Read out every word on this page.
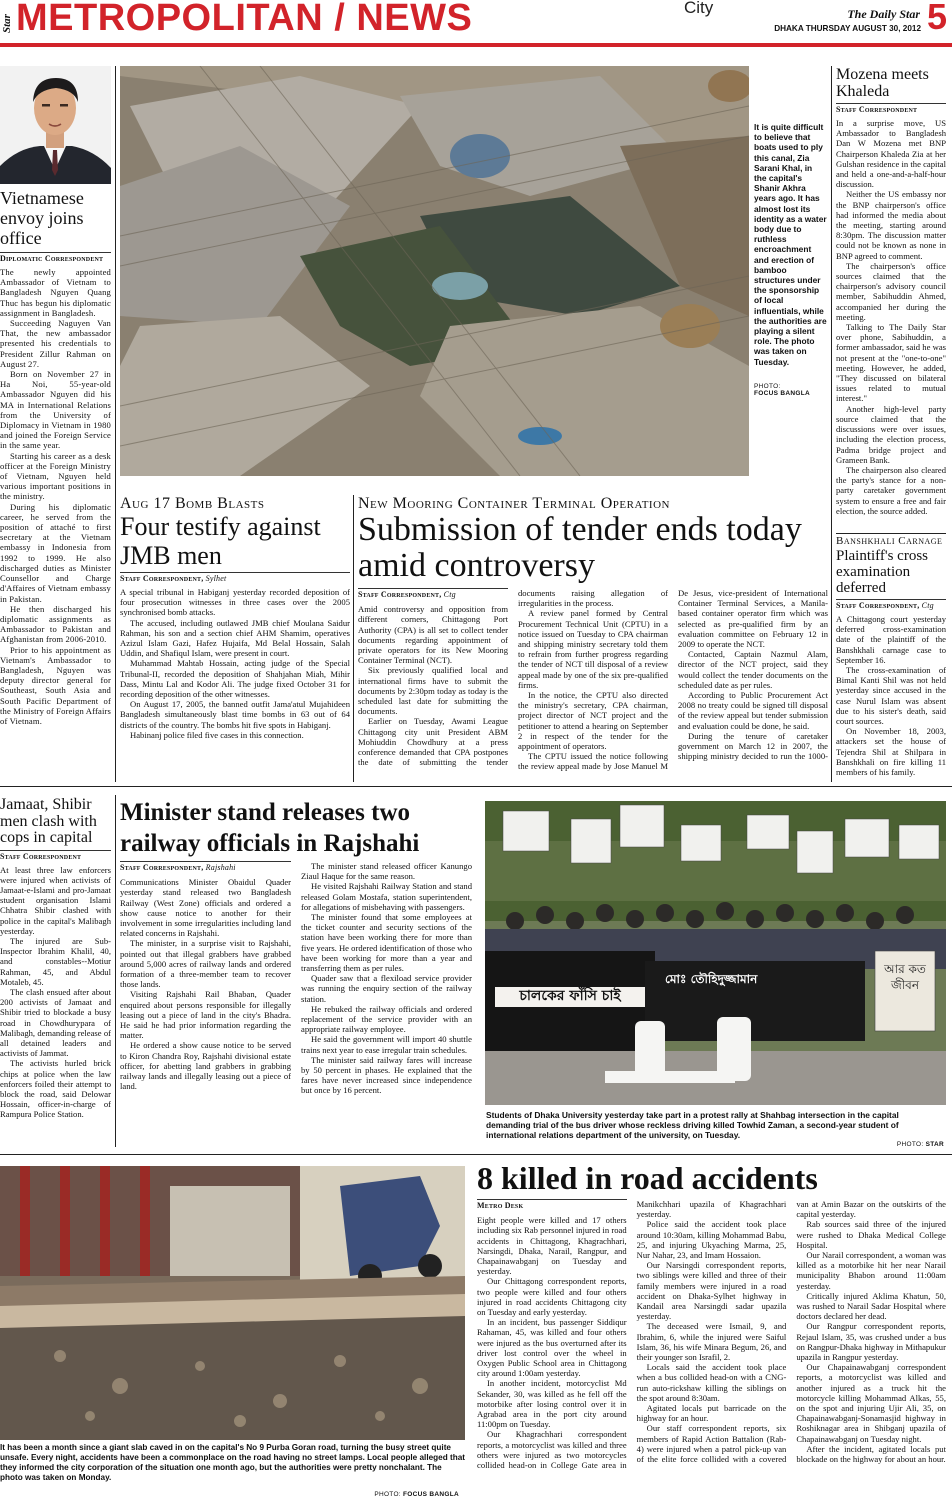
Star METROPOLITAN / NEWS	City	The Daily Star
DHAKA THURSDAY AUGUST 30, 2012 5
Vietnamese envoy joins office
Diplomatic Correspondent

The newly appointed Ambassador of Vietnam to Bangladesh Nguyen Quang Thuc has begun his diplomatic assignment in Bangladesh.

Succeeding Naguyen Van That, the new ambassador presented his credentials to President Zillur Rahman on August 27.

Born on November 27 in Ha Noi, 55-year-old Ambassador Nguyen did his MA in International Relations from the University of Diplomacy in Vietnam in 1980 and joined the Foreign Service in the same year.

Starting his career as a desk officer at the Foreign Ministry of Vietnam, Nguyen held various important positions in the ministry.

During his diplomatic career, he served from the position of attaché to first secretary at the Vietnam embassy in Indonesia from 1992 to 1999. He also discharged duties as Minister Counsellor and Charge d'Affaires of Vietnam embassy in Pakistan.

He then discharged his diplomatic assignments as Ambassador to Pakistan and Afghanistan from 2006-2010.

Prior to his appointment as Vietnam's Ambassador to Bangladesh, Nguyen was deputy director general for Southeast, South Asia and South Pacific Department of the Ministry of Foreign Affairs of Vietnam.

It is quite difficult to believe that boats used to ply this canal, Zia Sarani Khal, in the capital's Shanir Akhra years ago. It has almost lost its identity as a water body due to ruthless encroachment and erection of bamboo structures under the sponsorship of local influentials, while the authorities are playing a silent role. The photo was taken on Tuesday.
PHOTO:
FOCUS BANGLA
Mozena meets Khaleda
Staff Correspondent

In a surprise move, US Ambassador to Bangladesh Dan W Mozena met BNP Chairperson Khaleda Zia at her Gulshan residence in the capital and held a one-and-a-half-hour discussion.

Neither the US embassy nor the BNP chairperson's office had informed the media about the meeting, starting around 8:30pm. The discussion matter could not be known as none in BNP agreed to comment.

The chairperson's office sources claimed that the chairperson's advisory council member, Sabihuddin Ahmed, accompanied her during the meeting.

Talking to The Daily Star over phone, Sabihuddin, a former ambassador, said he was not present at the "one-to-one" meeting. However, he added, "They discussed on bilateral issues related to mutual interest."

Another high-level party source claimed that the discussions were over issues, including the election process, Padma bridge project and Grameen Bank.

The chairperson also cleared the party's stance for a non-party caretaker government system to ensure a free and fair election, the source added.

Banshkhali Carnage
Plaintiff's cross examination deferred
Staff Correspondent, Ctg

A Chittagong court yesterday deferred cross-examination date of the plaintiff of the Banshkhali carnage case to September 16.

The cross-examination of Bimal Kanti Shil was not held yesterday since accused in the case Nurul Islam was absent due to his sister's death, said court sources.

On November 18, 2003, attackers set the house of Tejendra Shil at Shilpara in Banshkhali on fire killing 11 members of his family.

Aug 17 Bomb Blasts
Four testify against JMB men
Staff Correspondent, Sylhet

A special tribunal in Habiganj yesterday recorded deposition of four prosecution witnesses in three cases over the 2005 synchronised bomb attacks.

The accused, including outlawed JMB chief Moulana Saidur Rahman, his son and a section chief AHM Shamim, operatives Azizul Islam Gazi, Hafez Hujaifa, Md Belal Hossain, Salah Uddin, and Shafiqul Islam, were present in court.

Muhammad Mahtab Hossain, acting judge of the Special Tribunal-II, recorded the deposition of Shahjahan Miah, Mihir Dass, Mintu Lal and Kodor Ali. The judge fixed October 31 for recording deposition of the other witnesses.

On August 17, 2005, the banned outfit Jama'atul Mujahideen Bangladesh simultaneously blast time bombs in 63 out of 64 districts of the country. The bombs hit five spots in Habiganj.

Habinanj police filed five cases in this connection.

New Mooring Container Terminal Operation
Submission of tender ends today amid controversy
Staff Correspondent, Ctg

Amid controversy and opposition from different corners, Chittagong Port Authority (CPA) is all set to collect tender documents regarding appointment of private operators for its New Mooring Container Terminal (NCT).

Six previously qualified local and international firms have to submit the documents by 2:30pm today as today is the scheduled last date for submitting the documents.

Earlier on Tuesday, Awami League Chittagong city unit President ABM Mohiuddin Chowdhury at a press conference demanded that CPA postpones the date of submitting the tender documents raising allegation of irregularities in the process.

A review panel formed by Central Procurement Technical Unit (CPTU) in a notice issued on Tuesday to CPA chairman and shipping ministry secretary told them to refrain from further progress regarding the tender of NCT till disposal of a review appeal made by one of the six pre-qualified firms.

In the notice, the CPTU also directed the ministry's secretary, CPA chairman, project director of NCT project and the petitioner to attend a hearing on September 2 in respect of the tender for the appointment of operators.

The CPTU issued the notice following the review appeal made by Jose Manuel M De Jesus, vice-president of International Container Terminal Services, a Manila-based container operator firm which was selected as pre-qualified firm by an evaluation committee on February 12 in 2009 to operate the NCT.

Contacted, Captain Nazmul Alam, director of the NCT project, said they would collect the tender documents on the scheduled date as per rules.

According to Public Procurement Act 2008 no treaty could be signed till disposal of the review appeal but tender submission and evaluation could be done, he said.

During the tenure of caretaker government on March 12 in 2007, the shipping ministry decided to run the 1000-

Jamaat, Shibir men clash with cops in capital
Staff Correspondent

At least three law enforcers were injured when activists of Jamaat-e-Islami and pro-Jamaat student organisation Islami Chhatra Shibir clashed with police in the capital's Malibagh yesterday.

The injured are Sub-Inspector Ibrahim Khalil, 40, and constables--Motiur Rahman, 45, and Abdul Motaleb, 45.

The clash ensued after about 200 activists of Jamaat and Shibir tried to blockade a busy road in Chowdhurypara of Malibagh, demanding release of all detained leaders and activists of Jammat.

The activists hurled brick chips at police when the law enforcers foiled their attempt to block the road, said Delowar Hossain, officer-in-charge of Rampura Police Station.

Minister stand releases two railway officials in Rajshahi
Staff Correspondent, Rajshahi

Communications Minister Obaidul Quader yesterday stand released two Bangladesh Railway (West Zone) officials and ordered a show cause notice to another for their involvement in some irregularities including land related concerns in Rajshahi.

The minister, in a surprise visit to Rajshahi, pointed out that illegal grabbers have grabbed around 5,000 acres of railway lands and ordered formation of a three-member team to recover those lands.

Visiting Rajshahi Rail Bhaban, Quader enquired about persons responsible for illegally leasing out a piece of land in the city's Bhadra. He said he had prior information regarding the matter.

He ordered a show cause notice to be served to Kiron Chandra Roy, Rajshahi divisional estate officer, for abetting land grabbers in grabbing railway lands and illegally leasing out a piece of land.

The minister stand released officer Kanungo Ziaul Haque for the same reason.

He visited Rajshahi Railway Station and stand released Golam Mostafa, station superintendent, for allegations of misbehaving with passengers.

The minister found that some employees at the ticket counter and security sections of the station have been working there for more than five years. He ordered identification of those who have been working for more than a year and transferring them as per rules.

Quader saw that a flexiload service provider was running the enquiry section of the railway station.

He rebuked the railway officials and ordered replacement of the service provider with an appropriate railway employee.

He said the government will import 40 shuttle trains next year to ease irregular train schedules.

The minister said railway fares will increase by 50 percent in phases. He explained that the fares have never increased since independence but once by 16 percent.

চালকের ফাঁসি চাই
মোঃ তৌহিদুজ্জামান
আর কত জীবন
Students of Dhaka University yesterday take part in a protest rally at Shahbag intersection in the capital demanding trial of the bus driver whose reckless driving killed Towhid Zaman, a second-year student of international relations department of the university, on Tuesday.
PHOTO: STAR
It has been a month since a giant slab caved in on the capital's No 9 Purba Goran road, turning the busy street quite unsafe. Every night, accidents have been a commonplace on the road having no street lamps. Local people alleged that they informed the city corporation of the situation one month ago, but the authorities were pretty nonchalant. The photo was taken on Monday.
PHOTO: FOCUS BANGLA
8 killed in road accidents
Metro Desk

Eight people were killed and 17 others including six Rab personnel injured in road accidents in Chittagong, Khagrachhari, Narsingdi, Dhaka, Narail, Rangpur, and Chapainawabganj on Tuesday and yesterday.

Our Chittagong correspondent reports, two people were killed and four others injured in road accidents Chittagong city on Tuesday and early yesterday.

In an incident, bus passenger Siddiqur Rahaman, 45, was killed and four others were injured as the bus overturned after its driver lost control over the wheel in Oxygen Public School area in Chittagong city around 1:00am yesterday.

In another incident, motorcyclist Md Sekander, 30, was killed as he fell off the motorbike after losing control over it in Agrabad area in the port city around 11:00pm on Tuesday.

Our Khagrachhari correspondent reports, a motorcyclist was killed and three others were injured as two motorcycles collided head-on in College Gate area in Manikchhari upazila of Khagrachhari yesterday.

Police said the accident took place around 10:30am, killing Mohammad Babu, 25, and injuring Ukyaching Marma, 25, Nur Nahar, 23, and Imam Hossaion.

Our Narsingdi correspondent reports, two siblings were killed and three of their family members were injured in a road accident on Dhaka-Sylhet highway in Kandail area Narsingdi sadar upazila yesterday.

The deceased were Ismail, 9, and Ibrahim, 6, while the injured were Saiful Islam, 36, his wife Minara Begum, 26, and their younger son Israfil, 2.

Locals said the accident took place when a bus collided head-on with a CNG-run auto-rickshaw killing the siblings on the spot around 8:30am.

Agitated locals put barricade on the highway for an hour.

Our staff correspondent reports, six members of Rapid Action Battalion (Rab-4) were injured when a patrol pick-up van of the elite force collided with a covered van at Amin Bazar on the outskirts of the capital yesterday.

Rab sources said three of the injured were rushed to Dhaka Medical College Hospital.

Our Narail correspondent, a woman was killed as a motorbike hit her near Narail municipality Bhabon around 11:00am yesterday.

Critically injured Aklima Khatun, 50, was rushed to Narail Sadar Hospital where doctors declared her dead.

Our Rangpur correspondent reports, Rejaul Islam, 35, was crushed under a bus on Rangpur-Dhaka highway in Mithapukur upazila in Rangpur yesterday.

Our Chapainawabganj correspondent reports, a motorcyclist was killed and another injured as a truck hit the motorcycle killing Mohammad Alkas, 55, on the spot and injuring Ujir Ali, 35, on Chapainawabganj-Sonamasjid highway in Roshiknagar area in Shibganj upazila of Chapainawabganj on Tuesday night.

After the incident, agitated locals put blockade on the highway for about an hour.
